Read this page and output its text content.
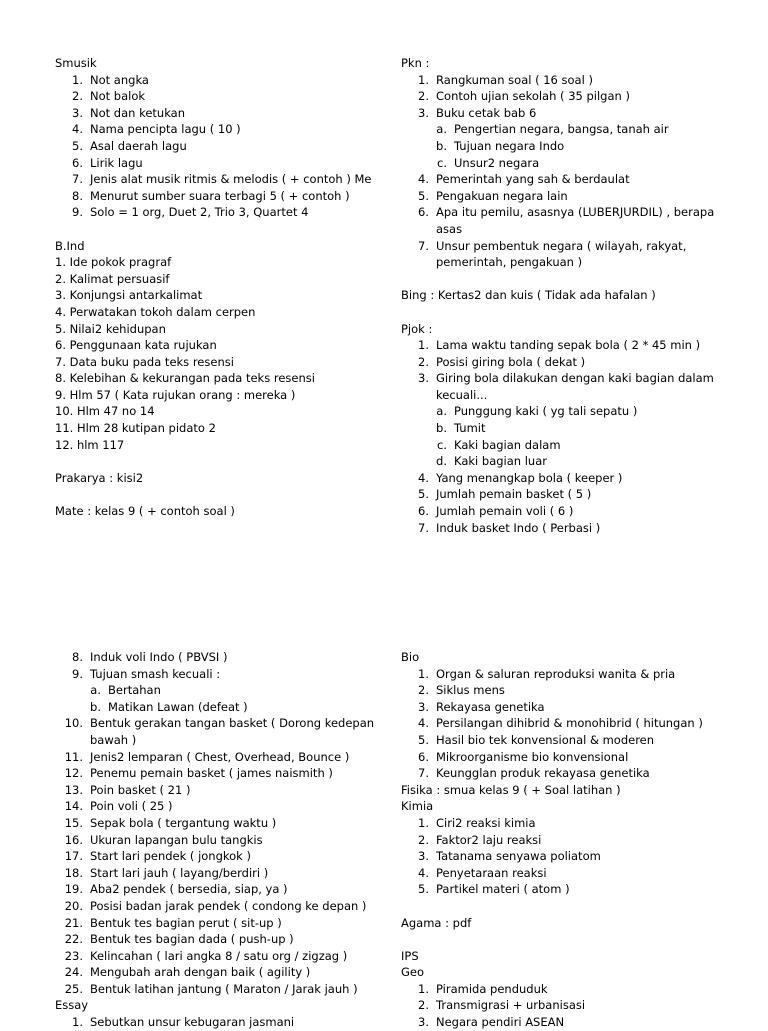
Smusik
1. Not angka
2. Not balok
3. Not dan ketukan
4. Nama pencipta lagu ( 10 )
5. Asal daerah lagu
6. Lirik lagu
7. Jenis alat musik ritmis & melodis ( + contoh ) Me
8. Menurut sumber suara terbagi 5 ( + contoh )
9. Solo = 1 org, Duet 2, Trio 3, Quartet 4
B.Ind
1. Ide pokok pragraf
2. Kalimat persuasif
3. Konjungsi antarkalimat
4. Perwatakan tokoh dalam cerpen
5. Nilai2 kehidupan
6. Penggunaan kata rujukan
7. Data buku pada teks resensi
8. Kelebihan & kekurangan pada teks resensi
9. Hlm 57 ( Kata rujukan orang : mereka )
10. Hlm 47 no 14
11. Hlm 28 kutipan pidato 2
12. hlm 117
Prakarya : kisi2
Mate : kelas 9 ( + contoh soal )
Pkn :
1. Rangkuman soal ( 16 soal )
2. Contoh ujian sekolah ( 35 pilgan )
3. Buku cetak bab 6
a. Pengertian negara, bangsa, tanah air
b. Tujuan negara Indo
c. Unsur2 negara
4. Pemerintah yang sah & berdaulat
5. Pengakuan negara lain
6. Apa itu pemilu, asasnya (LUBERJURDIL) , berapa
asas
7. Unsur pembentuk negara ( wilayah, rakyat,
pemerintah, pengakuan )
Bing : Kertas2 dan kuis ( Tidak ada hafalan )
Pjok :
1. Lama waktu tanding sepak bola ( 2 * 45 min )
2. Posisi giring bola ( dekat )
3. Giring bola dilakukan dengan kaki bagian dalam
kecuali...
a. Punggung kaki ( yg tali sepatu )
b. Tumit
c. Kaki bagian dalam
d. Kaki bagian luar
4. Yang menangkap bola ( keeper )
5. Jumlah pemain basket ( 5 )
6. Jumlah pemain voli ( 6 )
7. Induk basket Indo ( Perbasi )
8. Induk voli Indo ( PBVSI )
9. Tujuan smash kecuali :
a. Bertahan
b. Matikan Lawan (defeat )
10. Bentuk gerakan tangan basket ( Dorong kedepan
bawah )
11. Jenis2 lemparan ( Chest, Overhead, Bounce )
12. Penemu pemain basket ( james naismith )
13. Poin basket ( 21 )
14. Poin voli ( 25 )
15. Sepak bola ( tergantung waktu )
16. Ukuran lapangan bulu tangkis
17. Start lari pendek ( jongkok )
18. Start lari jauh ( layang/berdiri )
19. Aba2 pendek ( bersedia, siap, ya )
20. Posisi badan jarak pendek ( condong ke depan )
21. Bentuk tes bagian perut ( sit-up )
22. Bentuk tes bagian dada ( push-up )
23. Kelincahan ( lari angka 8 / satu org / zigzag )
24. Mengubah arah dengan baik ( agility )
25. Bentuk latihan jantung ( Maraton / Jarak jauh )
Essay
1. Sebutkan unsur kebugaran jasmani
Bio
1. Organ & saluran reproduksi wanita & pria
2. Siklus mens
3. Rekayasa genetika
4. Persilangan dihibrid & monohibrid ( hitungan )
5. Hasil bio tek konvensional & moderen
6. Mikroorganisme bio konvensional
7. Keungglan produk rekayasa genetika
Fisika : smua kelas 9 ( + Soal latihan )
Kimia
1. Ciri2 reaksi kimia
2. Faktor2 laju reaksi
3. Tatanama senyawa poliatom
4. Penyetaraan reaksi
5. Partikel materi ( atom )
Agama : pdf
IPS
Geo
1. Piramida penduduk
2. Transmigrasi + urbanisasi
3. Negara pendiri ASEAN
